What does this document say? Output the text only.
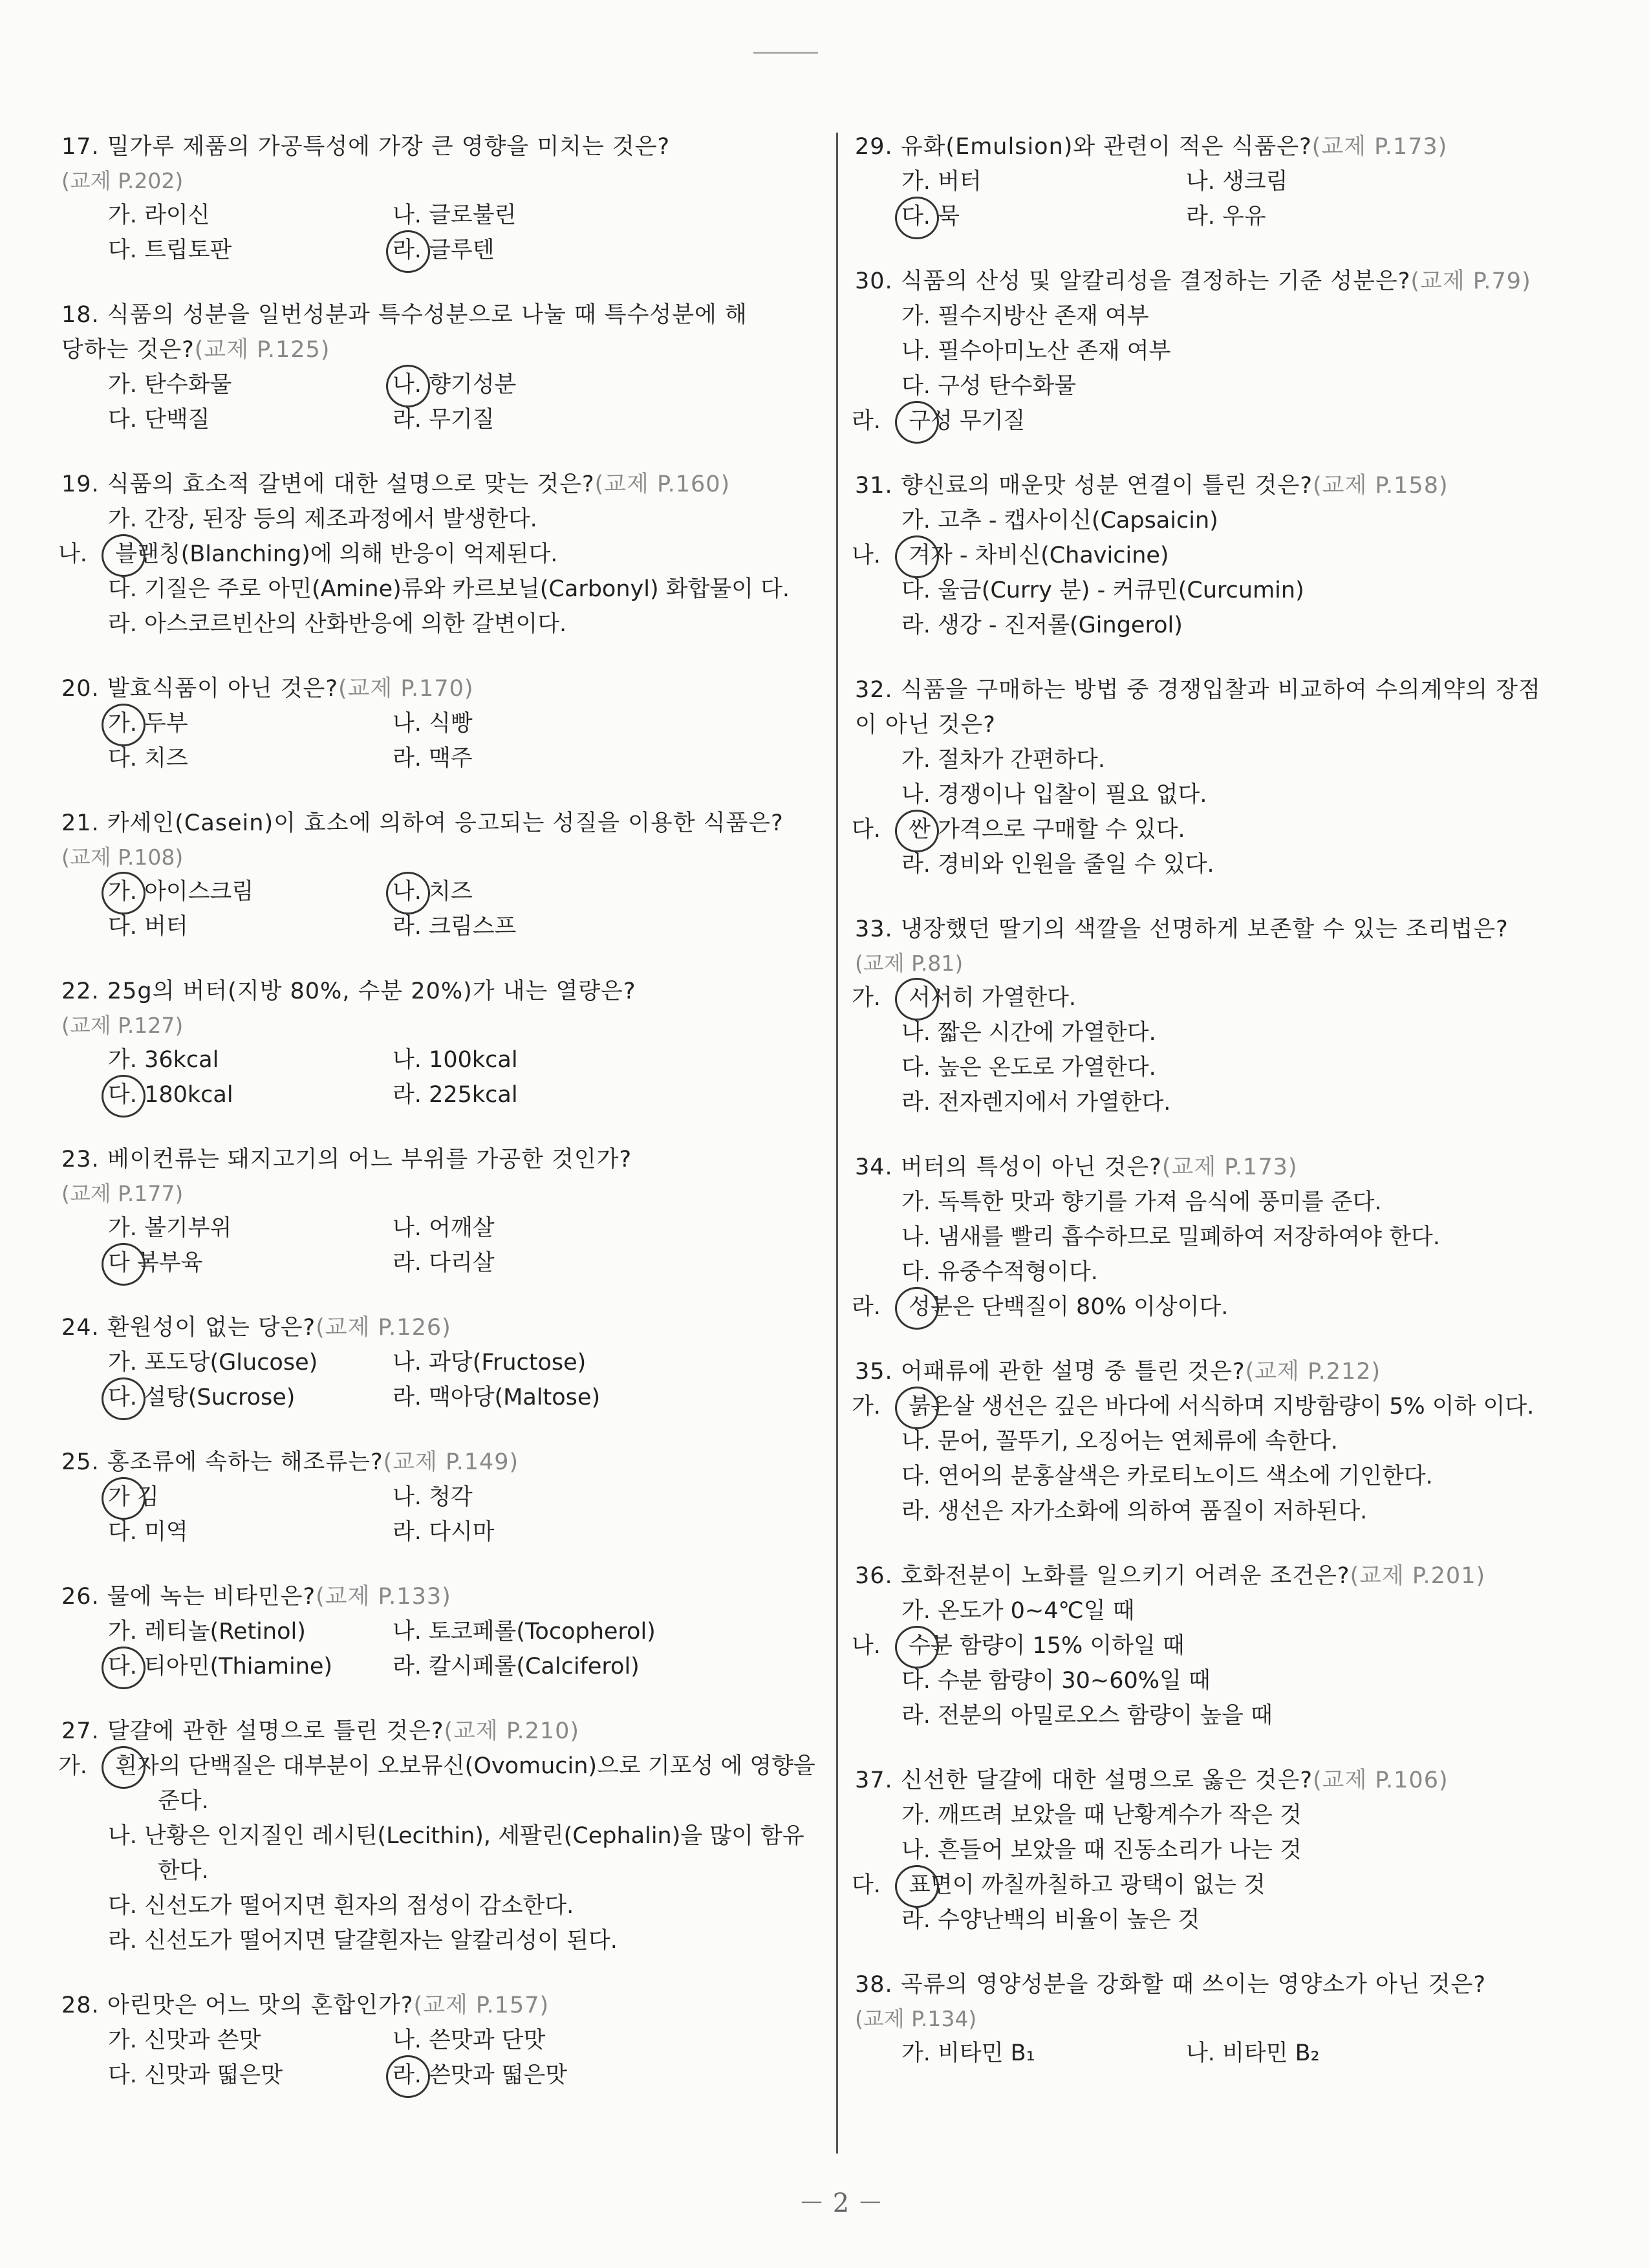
17. 밀가루 제품의 가공특성에 가장 큰 영향을 미치는 것은?
(교제 P.202)
가. 라이신	나. 글로불린
다. 트립토판	라. 글루텐
18. 식품의 성분을 일번성분과 특수성분으로 나눌 때 특수성분에 해
당하는 것은?(교제 P.125)
가. 탄수화물	나. 향기성분
다. 단백질	라. 무기질
19. 식품의 효소적 갈변에 대한 설명으로 맞는 것은?(교제 P.160)
가. 간장, 된장 등의 제조과정에서 발생한다.
나. 블랜칭(Blanching)에 의해 반응이 억제된다.
다. 기질은 주로 아민(Amine)류와 카르보닐(Carbonyl) 화합물이 다.
라. 아스코르빈산의 산화반응에 의한 갈변이다.
20. 발효식품이 아닌 것은?(교제 P.170)
가. 두부	나. 식빵
다. 치즈	라. 맥주
21. 카세인(Casein)이 효소에 의하여 응고되는 성질을 이용한 식품은?
(교제 P.108)
가. 아이스크림	나. 치즈
다. 버터	라. 크림스프
22. 25g의 버터(지방 80%, 수분 20%)가 내는 열량은?
(교제 P.127)
가. 36kcal	나. 100kcal
다. 180kcal	라. 225kcal
23. 베이컨류는 돼지고기의 어느 부위를 가공한 것인가?
(교제 P.177)
가. 볼기부위	나. 어깨살
다 복부육	라. 다리살
24. 환원성이 없는 당은?(교제 P.126)
가. 포도당(Glucose)	나. 과당(Fructose)
다. 설탕(Sucrose)	라. 맥아당(Maltose)
25. 홍조류에 속하는 해조류는?(교제 P.149)
가 김	나. 청각
다. 미역	라. 다시마
26. 물에 녹는 비타민은?(교제 P.133)
가. 레티놀(Retinol)	나. 토코페롤(Tocopherol)
다. 티아민(Thiamine)	라. 칼시페롤(Calciferol)
27. 달걀에 관한 설명으로 틀린 것은?(교제 P.210)
가. 흰자의 단백질은 대부분이 오보뮤신(Ovomucin)으로 기포성 에 영향을 준다.
나. 난황은 인지질인 레시틴(Lecithin), 세팔린(Cephalin)을 많이 함유한다.
다. 신선도가 떨어지면 흰자의 점성이 감소한다.
라. 신선도가 떨어지면 달걀흰자는 알칼리성이 된다.
28. 아린맛은 어느 맛의 혼합인가?(교제 P.157)
가. 신맛과 쓴맛	나. 쓴맛과 단맛
다. 신맛과 떫은맛	라. 쓴맛과 떫은맛
29. 유화(Emulsion)와 관련이 적은 식품은?(교제 P.173)
가. 버터	나. 생크림
다. 묵	라. 우유
30. 식품의 산성 및 알칼리성을 결정하는 기준 성분은?(교제 P.79)
가. 필수지방산 존재 여부
나. 필수아미노산 존재 여부
다. 구성 탄수화물
라. 구성 무기질
31. 향신료의 매운맛 성분 연결이 틀린 것은?(교제 P.158)
가. 고추 - 캡사이신(Capsaicin)
나. 겨자 - 차비신(Chavicine)
다. 울금(Curry 분) - 커큐민(Curcumin)
라. 생강 - 진저롤(Gingerol)
32. 식품을 구매하는 방법 중 경쟁입찰과 비교하여 수의계약의 장점
이 아닌 것은?
가. 절차가 간편하다.
나. 경쟁이나 입찰이 필요 없다.
다. 싼 가격으로 구매할 수 있다.
라. 경비와 인원을 줄일 수 있다.
33. 냉장했던 딸기의 색깔을 선명하게 보존할 수 있는 조리법은?
(교제 P.81)
가. 서서히 가열한다.
나. 짧은 시간에 가열한다.
다. 높은 온도로 가열한다.
라. 전자렌지에서 가열한다.
34. 버터의 특성이 아닌 것은?(교제 P.173)
가. 독특한 맛과 향기를 가져 음식에 풍미를 준다.
나. 냄새를 빨리 흡수하므로 밀폐하여 저장하여야 한다.
다. 유중수적형이다.
라. 성분은 단백질이 80% 이상이다.
35. 어패류에 관한 설명 중 틀린 것은?(교제 P.212)
가. 붉은살 생선은 깊은 바다에 서식하며 지방함량이 5% 이하 이다.
나. 문어, 꼴뚜기, 오징어는 연체류에 속한다.
다. 연어의 분홍살색은 카로티노이드 색소에 기인한다.
라. 생선은 자가소화에 의하여 품질이 저하된다.
36. 호화전분이 노화를 일으키기 어려운 조건은?(교제 P.201)
가. 온도가 0~4℃일 때
나. 수분 함량이 15% 이하일 때
다. 수분 함량이 30~60%일 때
라. 전분의 아밀로오스 함량이 높을 때
37. 신선한 달걀에 대한 설명으로 옳은 것은?(교제 P.106)
가. 깨뜨려 보았을 때 난황계수가 작은 것
나. 흔들어 보았을 때 진동소리가 나는 것
다. 표면이 까칠까칠하고 광택이 없는 것
라. 수양난백의 비율이 높은 것
38. 곡류의 영양성분을 강화할 때 쓰이는 영양소가 아닌 것은?
(교제 P.134)
가. 비타민 B₁	나. 비타민 B₂
－ 2 －
